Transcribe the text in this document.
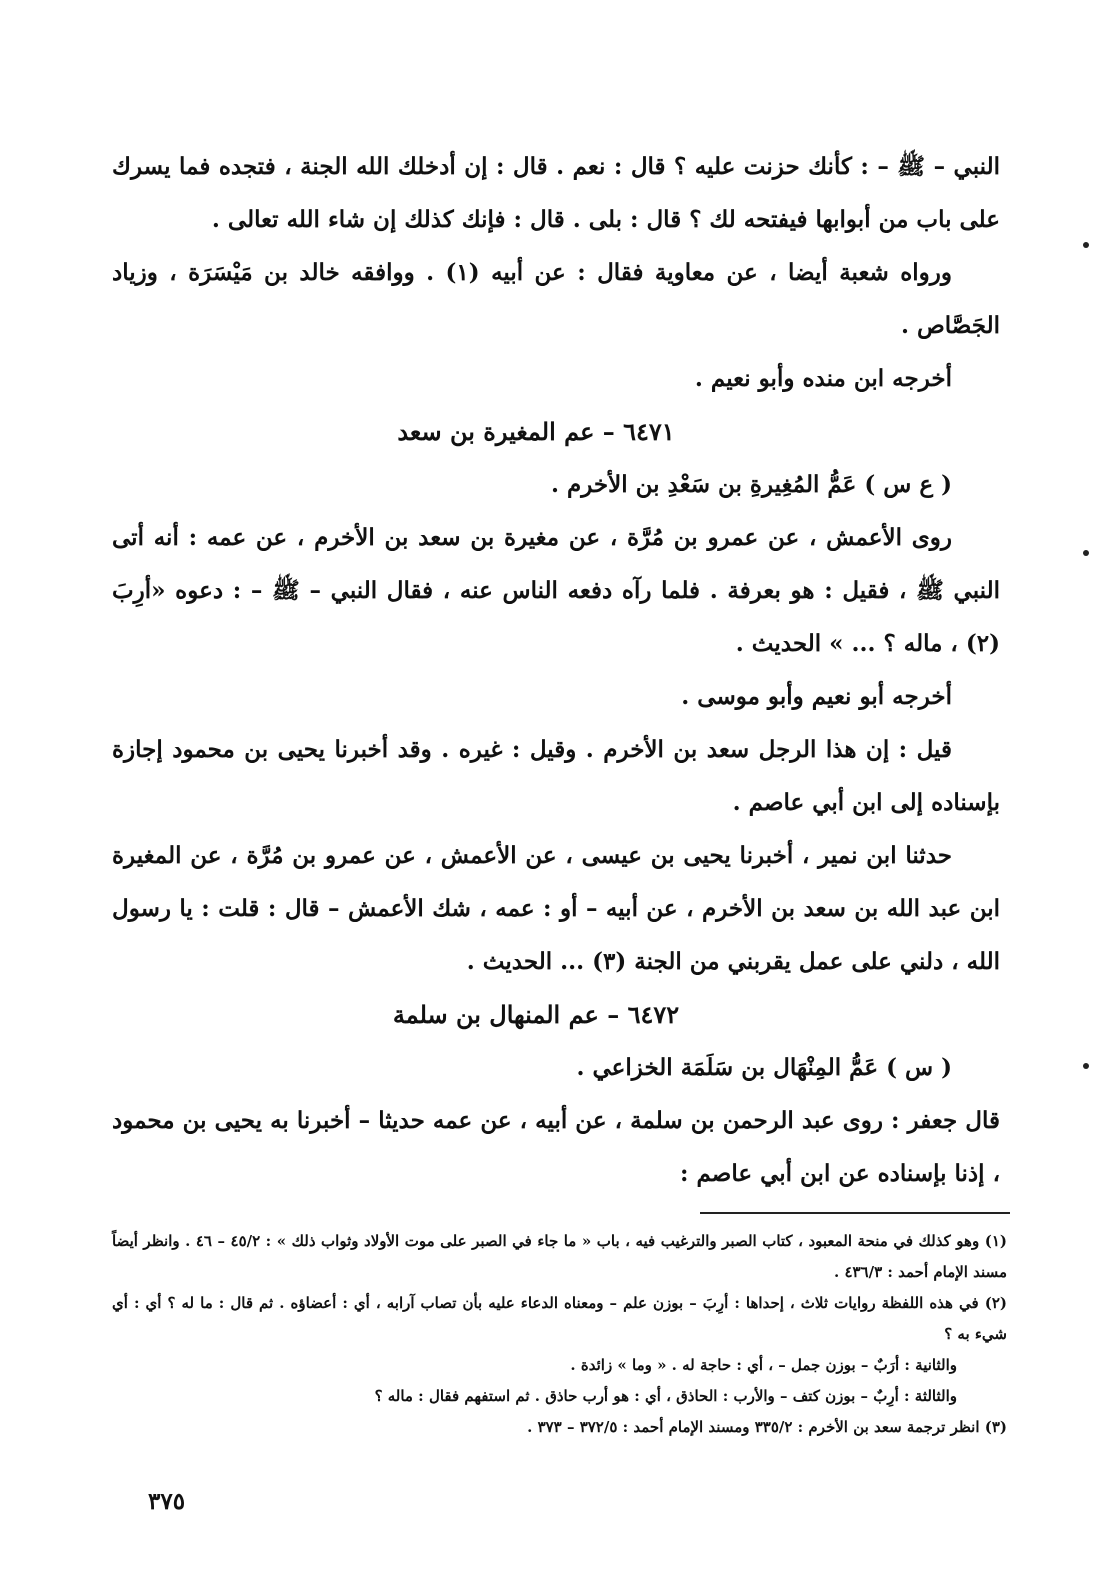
النبي – ﷺ – : كأنك حزنت عليه ؟ قال : نعم . قال : إن أدخلك الله الجنة ، فتجده فما يسرك على باب من أبوابها فيفتحه لك ؟ قال : بلى . قال : فإنك كذلك إن شاء الله تعالى .

ورواه شعبة أيضا ، عن معاوية فقال : عن أبيه (١) . ووافقه خالد بن مَيْسَرَة ، وزياد الجَصَّاص .

أخرجه ابن منده وأبو نعيم .

٦٤٧١ – عم المغيرة بن سعد

( ع س ) عَمُّ المُغِيرةِ بن سَعْدِ بن الأخرم .

روى الأعمش ، عن عمرو بن مُرَّة ، عن مغيرة بن سعد بن الأخرم ، عن عمه : أنه أتى النبي ﷺ ، فقيل : هو بعرفة . فلما رآه دفعه الناس عنه ، فقال النبي – ﷺ – : دعوه «أرِبَ (٢) ، ماله ؟ ... » الحديث .

أخرجه أبو نعيم وأبو موسى .

قيل : إن هذا الرجل سعد بن الأخرم . وقيل : غيره . وقد أخبرنا يحيى بن محمود إجازة بإسناده إلى ابن أبي عاصم .

حدثنا ابن نمير ، أخبرنا يحيى بن عيسى ، عن الأعمش ، عن عمرو بن مُرَّة ، عن المغيرة ابن عبد الله بن سعد بن الأخرم ، عن أبيه – أو : عمه ، شك الأعمش – قال : قلت : يا رسول الله ، دلني على عمل يقربني من الجنة (٣) ... الحديث .

٦٤٧٢ – عم المنهال بن سلمة

( س ) عَمُّ المِنْهَال بن سَلَمَة الخزاعي .

قال جعفر : روى عبد الرحمن بن سلمة ، عن أبيه ، عن عمه حديثا – أخبرنا به يحيى بن محمود ، إذنا بإسناده عن ابن أبي عاصم :

(١) وهو كذلك في منحة المعبود ، كتاب الصبر والترغيب فيه ، باب « ما جاء في الصبر على موت الأولاد وثواب ذلك » : ٤٥/٢ – ٤٦ . وانظر أيضاً مسند الإمام أحمد : ٤٣٦/٣ .

(٢) في هذه اللفظة روايات ثلاث ، إحداها : أرِبَ – بوزن علم – ومعناه الدعاء عليه بأن تصاب آرابه ، أي : أعضاؤه . ثم قال : ما له ؟ أي : أي شيء به ؟

والثانية : أرَبٌ – بوزن جمل – ، أي : حاجة له . « وما » زائدة .

والثالثة : أرِبٌ – بوزن كتف – والأرب : الحاذق ، أي : هو أرب حاذق . ثم استفهم فقال : ماله ؟

(٣) انظر ترجمة سعد بن الأخرم : ٣٣٥/٢ ومسند الإمام أحمد : ٣٧٢/٥ – ٣٧٣ .

٣٧٥
